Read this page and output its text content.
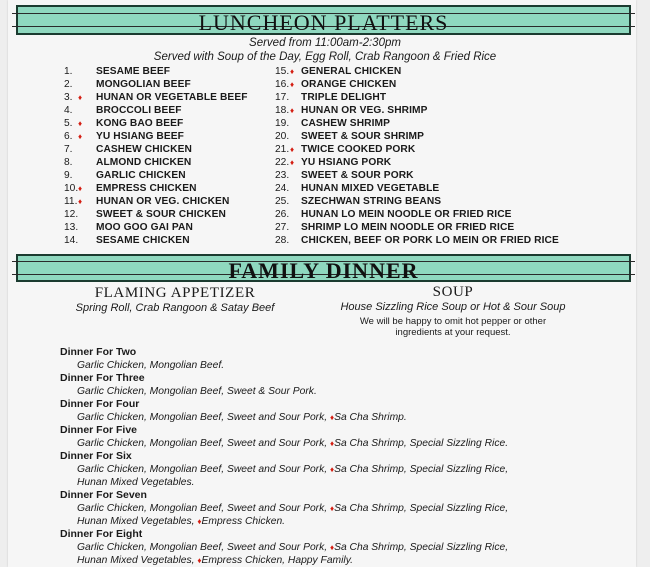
LUNCHEON PLATTERS
FAMILY DINNER
Served from 11:00am-2:30pm
Served with Soup of the Day, Egg Roll, Crab Rangoon & Fried Rice
1. SESAME BEEF
2. MONGOLIAN BEEF
3. ♦ HUNAN OR VEGETABLE BEEF
4. BROCCOLI BEEF
5. ♦ KONG BAO BEEF
6. ♦ YU HSIANG BEEF
7. CASHEW CHICKEN
8. ALMOND CHICKEN
9. GARLIC CHICKEN
10. ♦ EMPRESS CHICKEN
11. ♦ HUNAN OR VEG. CHICKEN
12. SWEET & SOUR CHICKEN
13. MOO GOO GAI PAN
14. SESAME CHICKEN
15. ♦ GENERAL CHICKEN
16. ♦ ORANGE CHICKEN
17. TRIPLE DELIGHT
18. ♦ HUNAN OR VEG. SHRIMP
19. CASHEW SHRIMP
20. SWEET & SOUR SHRIMP
21. ♦ TWICE COOKED PORK
22. ♦ YU HSIANG PORK
23. SWEET & SOUR PORK
24. HUNAN MIXED VEGETABLE
25. SZECHWAN STRING BEANS
26. HUNAN LO MEIN NOODLE OR FRIED RICE
27. SHRIMP LO MEIN NOODLE OR FRIED RICE
28. CHICKEN, BEEF OR PORK LO MEIN OR FRIED RICE
FLAMING APPETIZER
Spring Roll, Crab Rangoon & Satay Beef
SOUP
House Sizzling Rice Soup or Hot & Sour Soup
We will be happy to omit hot pepper or other
ingredients at your request.
Dinner For Two
Garlic Chicken, Mongolian Beef.
Dinner For Three
Garlic Chicken, Mongolian Beef, Sweet & Sour Pork.
Dinner For Four
Garlic Chicken, Mongolian Beef, Sweet and Sour Pork, ♦Sa Cha Shrimp.
Dinner For Five
Garlic Chicken, Mongolian Beef, Sweet and Sour Pork, ♦Sa Cha Shrimp, Special Sizzling Rice.
Dinner For Six
Garlic Chicken, Mongolian Beef, Sweet and Sour Pork, ♦Sa Cha Shrimp, Special Sizzling Rice,
Hunan Mixed Vegetables.
Dinner For Seven
Garlic Chicken, Mongolian Beef, Sweet and Sour Pork, ♦Sa Cha Shrimp, Special Sizzling Rice,
Hunan Mixed Vegetables, ♦Empress Chicken.
Dinner For Eight
Garlic Chicken, Mongolian Beef, Sweet and Sour Pork, ♦Sa Cha Shrimp, Special Sizzling Rice,
Hunan Mixed Vegetables, ♦Empress Chicken, Happy Family.
